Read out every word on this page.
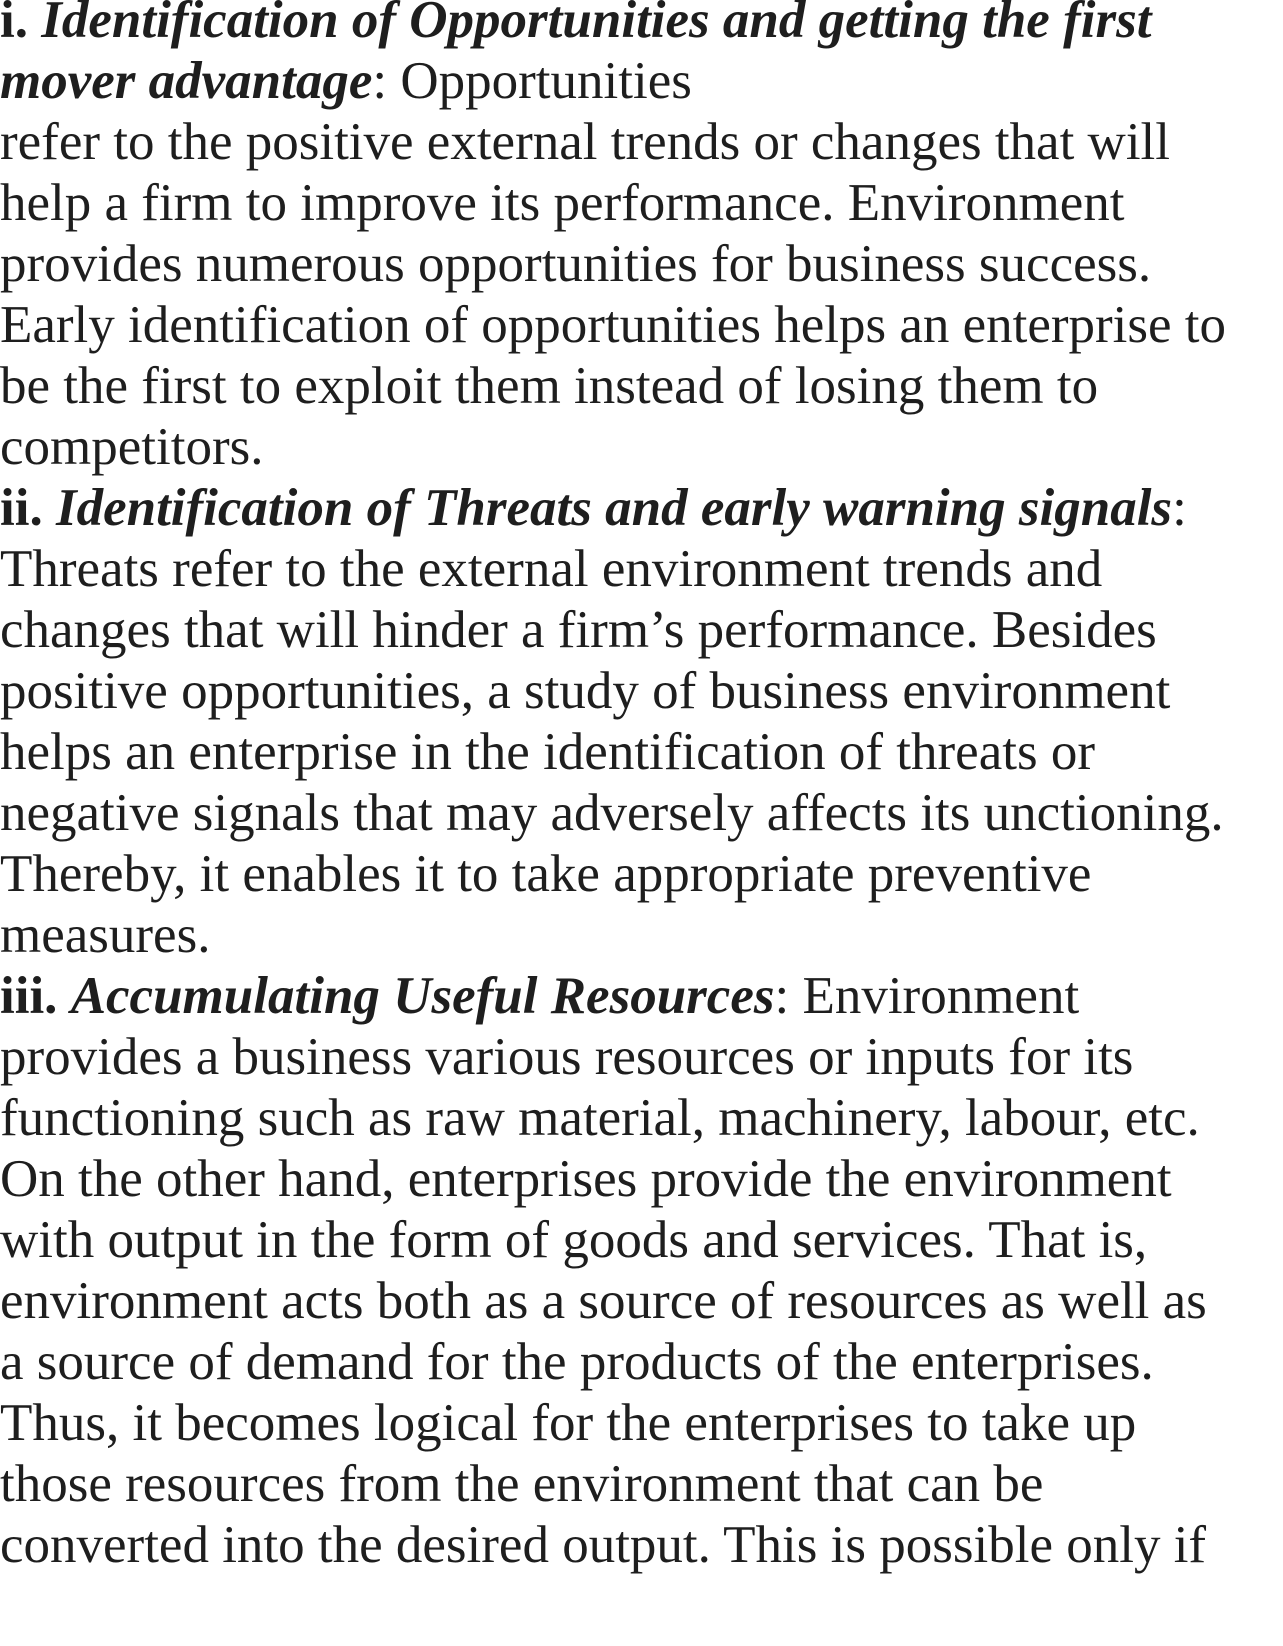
i. Identification of Opportunities and getting the first

mover advantage: Opportunities

refer to the positive external trends or changes that will

help a firm to improve its performance. Environment

provides numerous opportunities for business success.

Early identification of opportunities helps an enterprise to

be the first to exploit them instead of losing them to

competitors.

ii. Identification of Threats and early warning signals:

Threats refer to the external environment trends and

changes that will hinder a firm’s performance. Besides

positive opportunities, a study of business environment

helps an enterprise in the identification of threats or

negative signals that may adversely affects its unctioning.

Thereby, it enables it to take appropriate preventive

measures.

iii. Accumulating Useful Resources: Environment

provides a business various resources or inputs for its

functioning such as raw material, machinery, labour, etc.

On the other hand, enterprises provide the environment

with output in the form of goods and services. That is,

environment acts both as a source of resources as well as

a source of demand for the products of the enterprises.

Thus, it becomes logical for the enterprises to take up

those resources from the environment that can be

converted into the desired output. This is possible only if
